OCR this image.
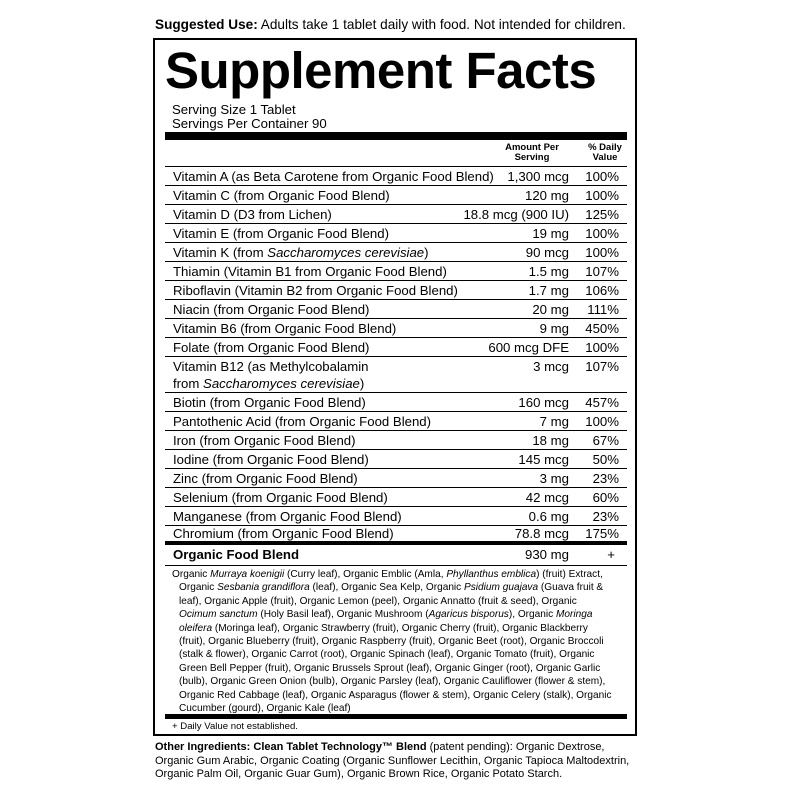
Suggested Use: Adults take 1 tablet daily with food. Not intended for children.
Supplement Facts
Serving Size 1 Tablet
Servings Per Container 90
Amount Per
Serving
% Daily
Value
Vitamin A (as Beta Carotene from Organic Food Blend) 1,300 mcg 100%
Vitamin C (from Organic Food Blend)	120 mg 100%
Vitamin D (D3 from Lichen)	18.8 mcg (900 IU) 125%
Vitamin E (from Organic Food Blend)	19 mg 100%
Vitamin K (from Saccharomyces cerevisiae)	90 mcg 100%
Thiamin (Vitamin B1 from Organic Food Blend)	1.5 mg 107%
Riboflavin (Vitamin B2 from Organic Food Blend)	1.7 mg 106%
Niacin (from Organic Food Blend)	20 mg 111%
Vitamin B6 (from Organic Food Blend)	9 mg 450%
Folate (from Organic Food Blend)	600 mcg DFE 100%
Vitamin B12 (as Methylcobalamin
from Saccharomyces cerevisiae)
3 mcg 107%
Biotin (from Organic Food Blend)	160 mcg 457%
Pantothenic Acid (from Organic Food Blend)	7 mg 100%
Iron (from Organic Food Blend)	18 mg 67%
Iodine (from Organic Food Blend)	145 mcg 50%
Zinc (from Organic Food Blend)	3 mg 23%
Selenium (from Organic Food Blend)	42 mcg 60%
Manganese (from Organic Food Blend)	0.6 mg 23%
Chromium (from Organic Food Blend)	78.8 mcg 175%
Organic Food Blend	930 mg	+
Organic Murraya koenigii (Curry leaf), Organic Emblic (Amla, Phyllanthus emblica) (fruit) Extract,
Organic Sesbania grandiflora (leaf), Organic Sea Kelp, Organic Psidium guajava (Guava fruit &
leaf), Organic Apple (fruit), Organic Lemon (peel), Organic Annatto (fruit & seed), Organic
Ocimum sanctum (Holy Basil leaf), Organic Mushroom (Agaricus bisporus), Organic Moringa
oleifera (Moringa leaf), Organic Strawberry (fruit), Organic Cherry (fruit), Organic Blackberry
(fruit), Organic Blueberry (fruit), Organic Raspberry (fruit), Organic Beet (root), Organic Broccoli
(stalk & flower), Organic Carrot (root), Organic Spinach (leaf), Organic Tomato (fruit), Organic
Green Bell Pepper (fruit), Organic Brussels Sprout (leaf), Organic Ginger (root), Organic Garlic
(bulb), Organic Green Onion (bulb), Organic Parsley (leaf), Organic Cauliflower (flower & stem),
Organic Red Cabbage (leaf), Organic Asparagus (flower & stem), Organic Celery (stalk), Organic
Cucumber (gourd), Organic Kale (leaf)
+ Daily Value not established.
Other Ingredients: Clean Tablet Technology™ Blend (patent pending): Organic Dextrose,
Organic Gum Arabic, Organic Coating (Organic Sunflower Lecithin, Organic Tapioca Maltodextrin,
Organic Palm Oil, Organic Guar Gum), Organic Brown Rice, Organic Potato Starch.
